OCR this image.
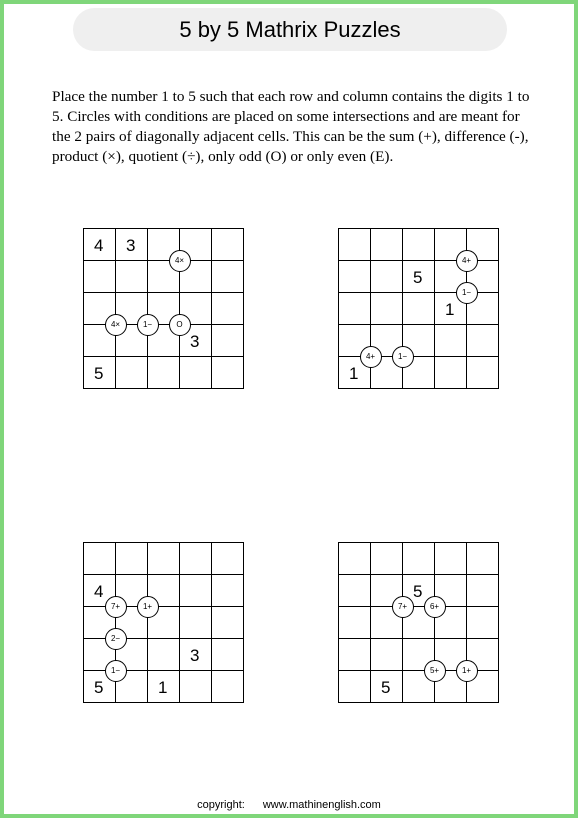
5 by 5 Mathrix Puzzles
Place the number 1 to 5 such that each row and column contains the digits 1 to 5. Circles with conditions are placed on some intersections and are meant for the 2 pairs of diagonally adjacent cells. This can be the sum (+), difference (-), product (×), quotient (÷), only odd (O) or only even (E).
4 3
3
5
4×
4×	1−	O
5
1
1
4+
1−
4+	1−
4
3
5	1
7+	1+
2−
1−
5
5
7+	6+
5+	1+
copyright: www.mathinenglish.com
